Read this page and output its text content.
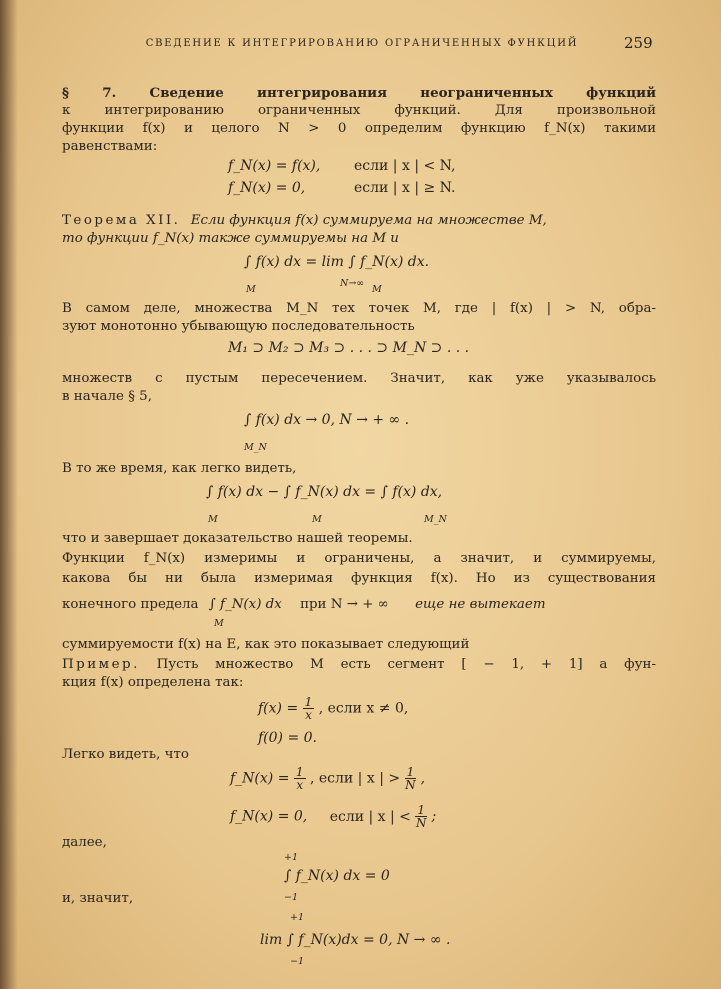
СВЕДЕНИЕ К ИНТЕГРИРОВАНИЮ ОГРАНИЧЕННЫХ ФУНКЦИЙ	259
§ 7. Сведение интегрирования неограниченных функций
к интегрированию ограниченных функций. Для произвольной
функции f(x) и целого N > 0 определим функцию f_N(x) такими
равенствами:
f_N(x) = f(x), если | x | < N,
f_N(x) = 0,	если | x | ≥ N.
Теорема XII. Если функция f(x) суммируема на множестве M,
то функции f_N(x) также суммируемы на M и
∫ f(x) dx = lim ∫ f_N(x) dx.
N→∞
M	M
В самом деле, множества M_N тех точек M, где | f(x) | > N, обра-
зуют монотонно убывающую последовательность
M₁ ⊃ M₂ ⊃ M₃ ⊃ . . . ⊃ M_N ⊃ . . .
множеств с пустым пересечением. Значит, как уже указывалось
в начале § 5,
∫ f(x) dx → 0, N → + ∞ .
M_N
В то же время, как легко видеть,
∫ f(x) dx − ∫ f_N(x) dx = ∫ f(x) dx,
M	M	M_N
что и завершает доказательство нашей теоремы.
Функции f_N(x) измеримы и ограничены, а значит, и суммируемы,
какова бы ни была измеримая функция f(x). Но из существования
конечного предела ∫ f_N(x) dx при N → + ∞ еще не вытекает
M
суммируемости f(x) на E, как это показывает следующий
Пример. Пусть множество M есть сегмент [ − 1, + 1] а фун-
кция f(x) определена так:
$f(x) = \frac{1}{x}$ , если x ≠ 0,
f(0) = 0.
Легко видеть, что
f_N(x) = $\frac{1}{x}$ , если | x | > $\frac{1}{N}$ ,
f_N(x) = 0, если | x | < $\frac{1}{N}$ ;
далее,
+1
∫ f_N(x) dx = 0
−1
и, значит,
+1
lim ∫ f_N(x)dx = 0, N → ∞ .
−1
